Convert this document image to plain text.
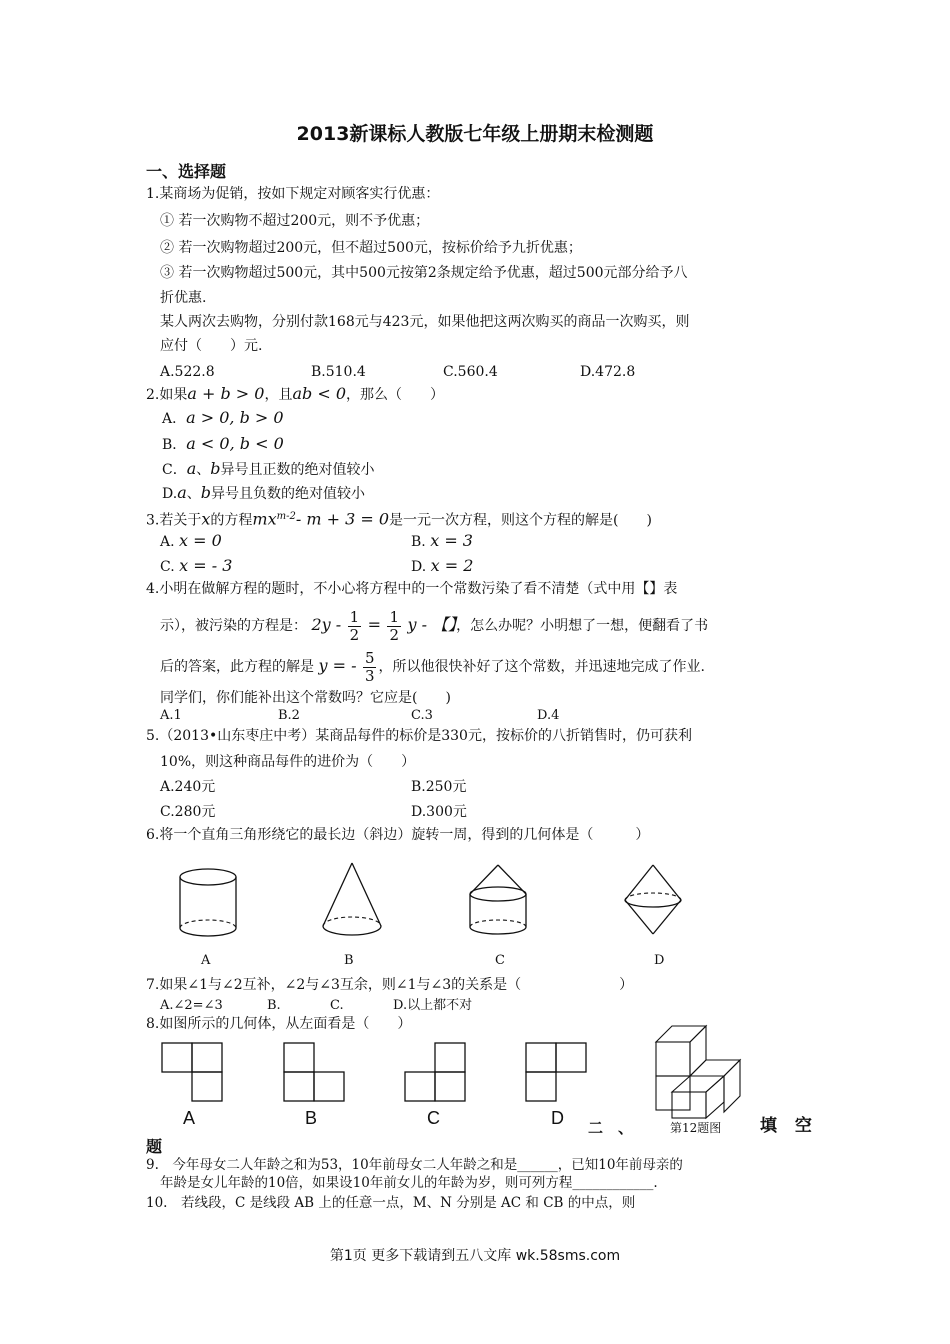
2013新课标人教版七年级上册期末检测题
一、选择题
1.某商场为促销，按如下规定对顾客实行优惠：
① 若一次购物不超过200元，则不予优惠；
② 若一次购物超过200元，但不超过500元，按标价给予九折优惠；
③ 若一次购物超过500元，其中500元按第2条规定给予优惠，超过500元部分给予八
折优惠.
某人两次去购物，分别付款168元与423元，如果他把这两次购买的商品一次购买，则
应付（　　）元.
A.522.8	B.510.4	C.560.4	D.472.8
2.如果a + b > 0，且ab < 0，那么（　　）
A．a > 0, b > 0
B．a < 0, b < 0
C．a、b异号且正数的绝对值较小
D.a、b异号且负数的绝对值较小
3.若关于x的方程$mx^{m-2}-$ m + 3 = 0是一元一次方程，则这个方程的解是(　　)
A. x = 0	B. x = 3
C. x = - 3	D. x = 2
4.小明在做解方程的题时，不小心将方程中的一个常数污染了看不清楚（式中用【】表
示），被污染的方程是： $2y - \frac{1}{2} = \frac{1}{2}$ y - 【】，怎么办呢？小明想了一想，便翻看了书
后的答案，此方程的解是 y = - $\frac{5}{3}$ ，所以他很快补好了这个常数，并迅速地完成了作业.
同学们，你们能补出这个常数吗？它应是(　　)
A.1	B.2	C.3	D.4
5.（2013•山东枣庄中考）某商品每件的标价是330元，按标价的八折销售时，仍可获利
10%，则这种商品每件的进价为（　　）
A.240元	B.250元
C.280元	D.300元
6.将一个直角三角形绕它的最长边（斜边）旋转一周，得到的几何体是（　　　）
A	B	C	D
7.如果∠1与∠2互补，∠2与∠3互余，则∠1与∠3的关系是（　　　　　　　）
A.∠2=∠3	B.	C.	D.以上都不对
8.如图所示的几何体，从左面看是（　　）
A	B	C	D 二　、	第12题图 填 空
题
9.　今年母女二人年龄之和为53，10年前母女二人年龄之和是______，已知10年前母亲的
年龄是女儿年龄的10倍，如果设10年前女儿的年龄为岁，则可列方程____________.
10.　若线段，C 是线段 AB 上的任意一点，M、N 分别是 AC 和 CB 的中点，则
第1页 更多下载请到五八文库 wk.58sms.com
